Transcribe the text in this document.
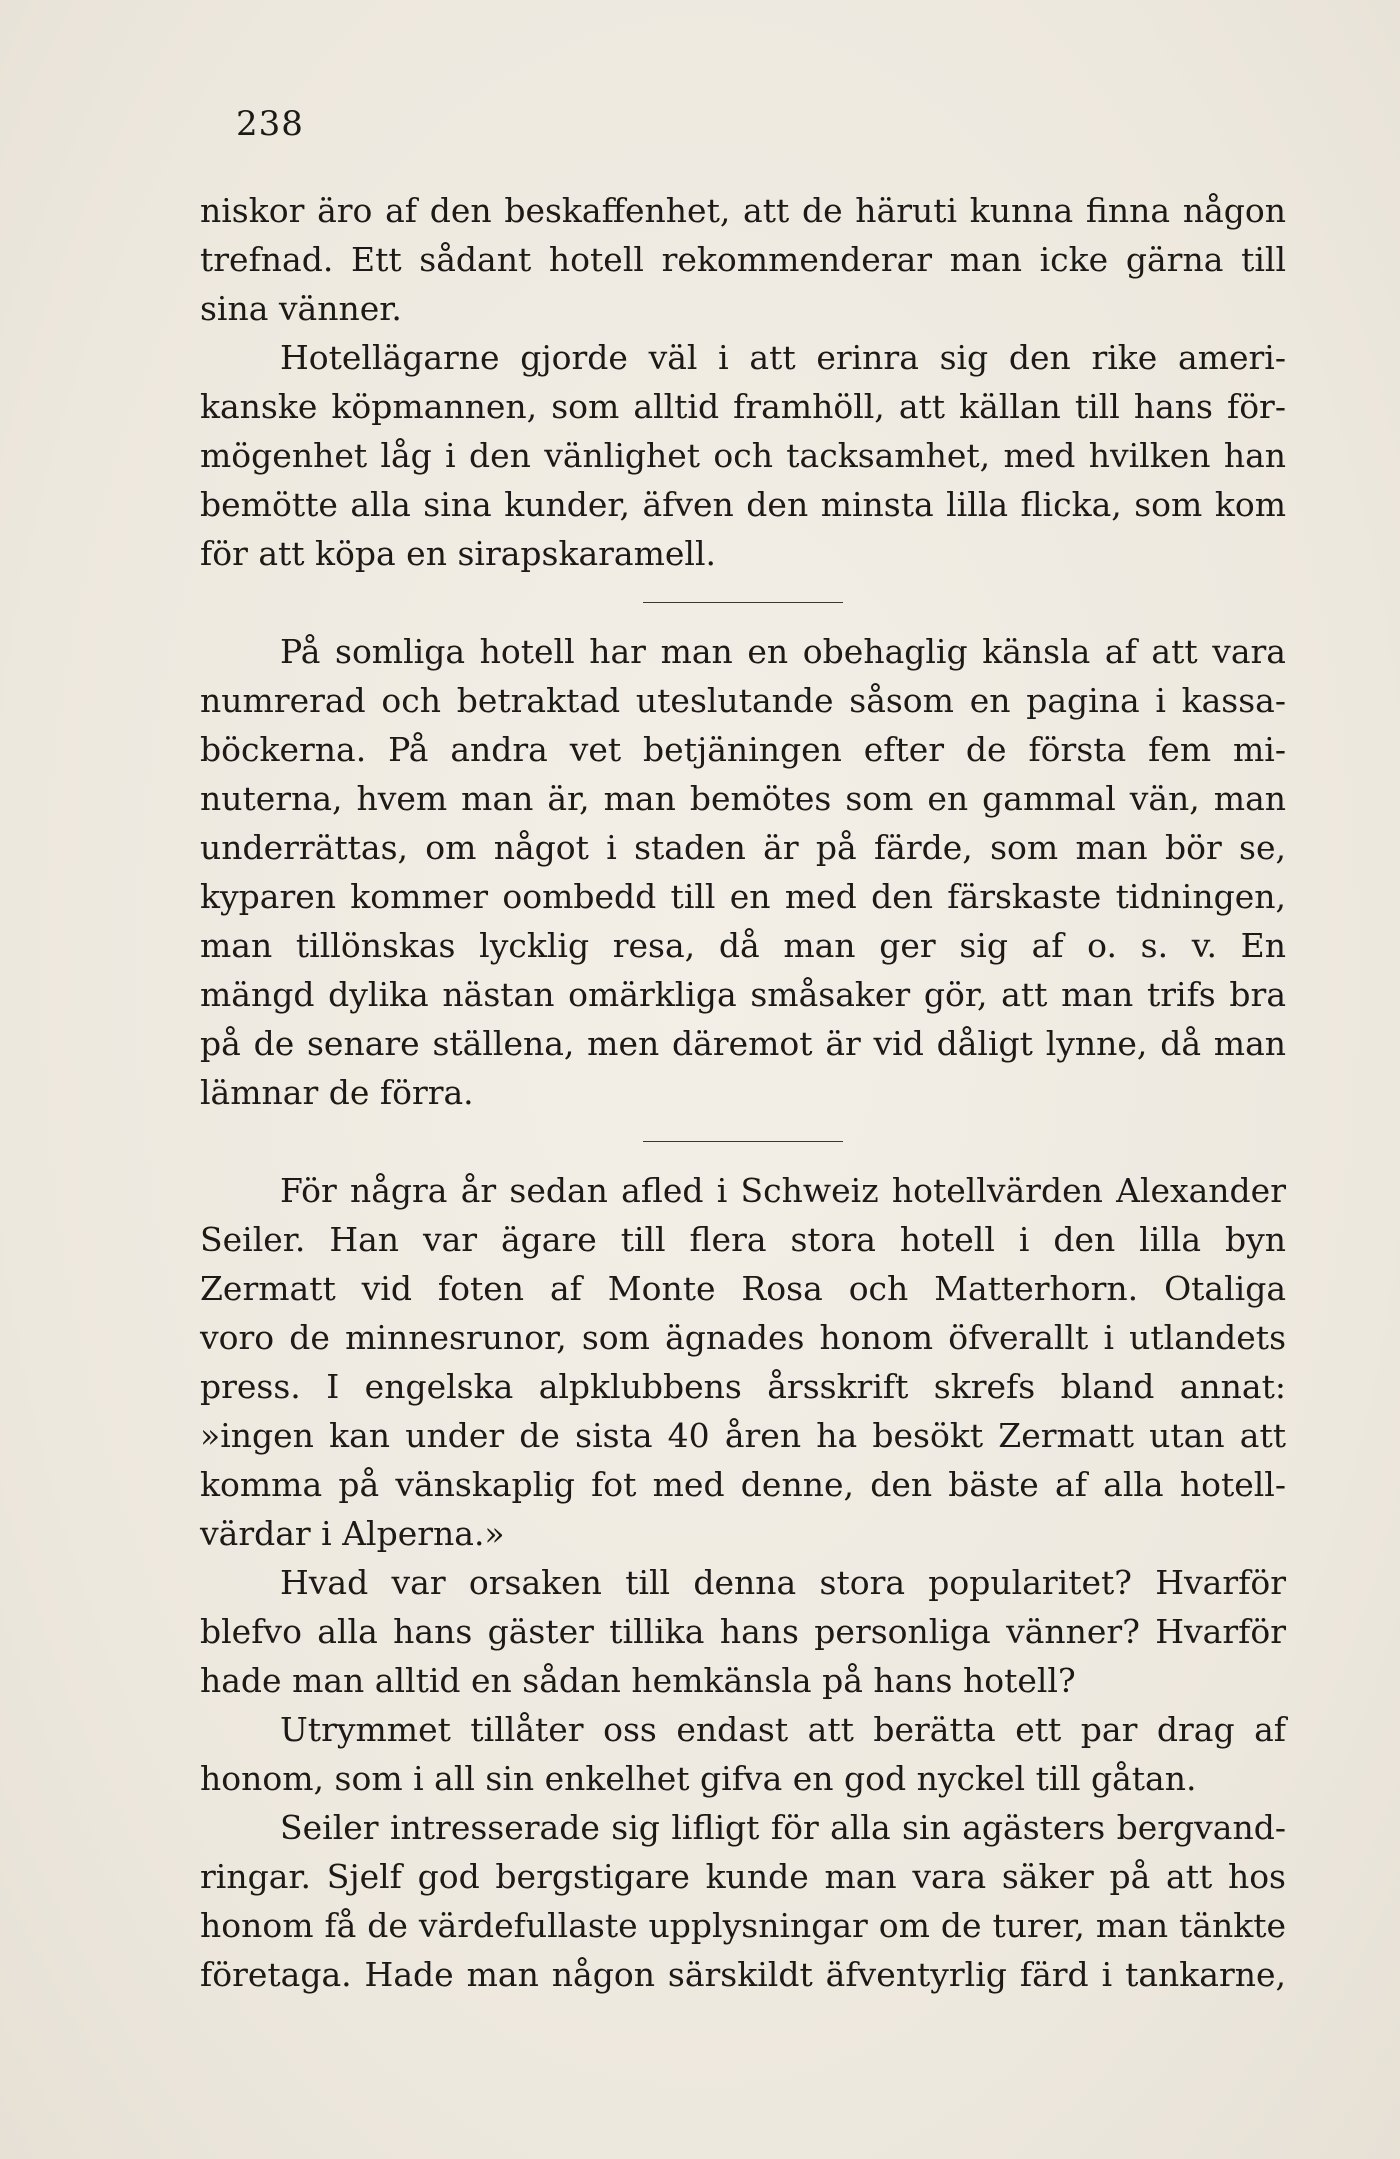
238
niskor äro af den beskaffenhet, att de häruti kunna finna någon
trefnad. Ett sådant hotell rekommenderar man icke gärna till
sina vänner.
Hotellägarne gjorde väl i att erinra sig den rike ameri-
kanske köpmannen, som alltid framhöll, att källan till hans för-
mögenhet låg i den vänlighet och tacksamhet, med hvilken han
bemötte alla sina kunder, äfven den minsta lilla flicka, som kom
för att köpa en sirapskaramell.
På somliga hotell har man en obehaglig känsla af att vara
numrerad och betraktad uteslutande såsom en pagina i kassa-
böckerna. På andra vet betjäningen efter de första fem mi-
nuterna, hvem man är, man bemötes som en gammal vän, man
underrättas, om något i staden är på färde, som man bör se,
kyparen kommer oombedd till en med den färskaste tidningen,
man tillönskas lycklig resa, då man ger sig af o. s. v. En
mängd dylika nästan omärkliga småsaker gör, att man trifs bra
på de senare ställena, men däremot är vid dåligt lynne, då man
lämnar de förra.
För några år sedan afled i Schweiz hotellvärden Alexander
Seiler. Han var ägare till flera stora hotell i den lilla byn
Zermatt vid foten af Monte Rosa och Matterhorn. Otaliga
voro de minnesrunor, som ägnades honom öfverallt i utlandets
press. I engelska alpklubbens årsskrift skrefs bland annat:
»ingen kan under de sista 40 åren ha besökt Zermatt utan att
komma på vänskaplig fot med denne, den bäste af alla hotell-
värdar i Alperna.»
Hvad var orsaken till denna stora popularitet? Hvarför
blefvo alla hans gäster tillika hans personliga vänner? Hvarför
hade man alltid en sådan hemkänsla på hans hotell?
Utrymmet tillåter oss endast att berätta ett par drag af
honom, som i all sin enkelhet gifva en god nyckel till gåtan.
Seiler intresserade sig lifligt för alla sin agästers bergvand-
ringar. Sjelf god bergstigare kunde man vara säker på att hos
honom få de värdefullaste upplysningar om de turer, man tänkte
företaga. Hade man någon särskildt äfventyrlig färd i tankarne,
